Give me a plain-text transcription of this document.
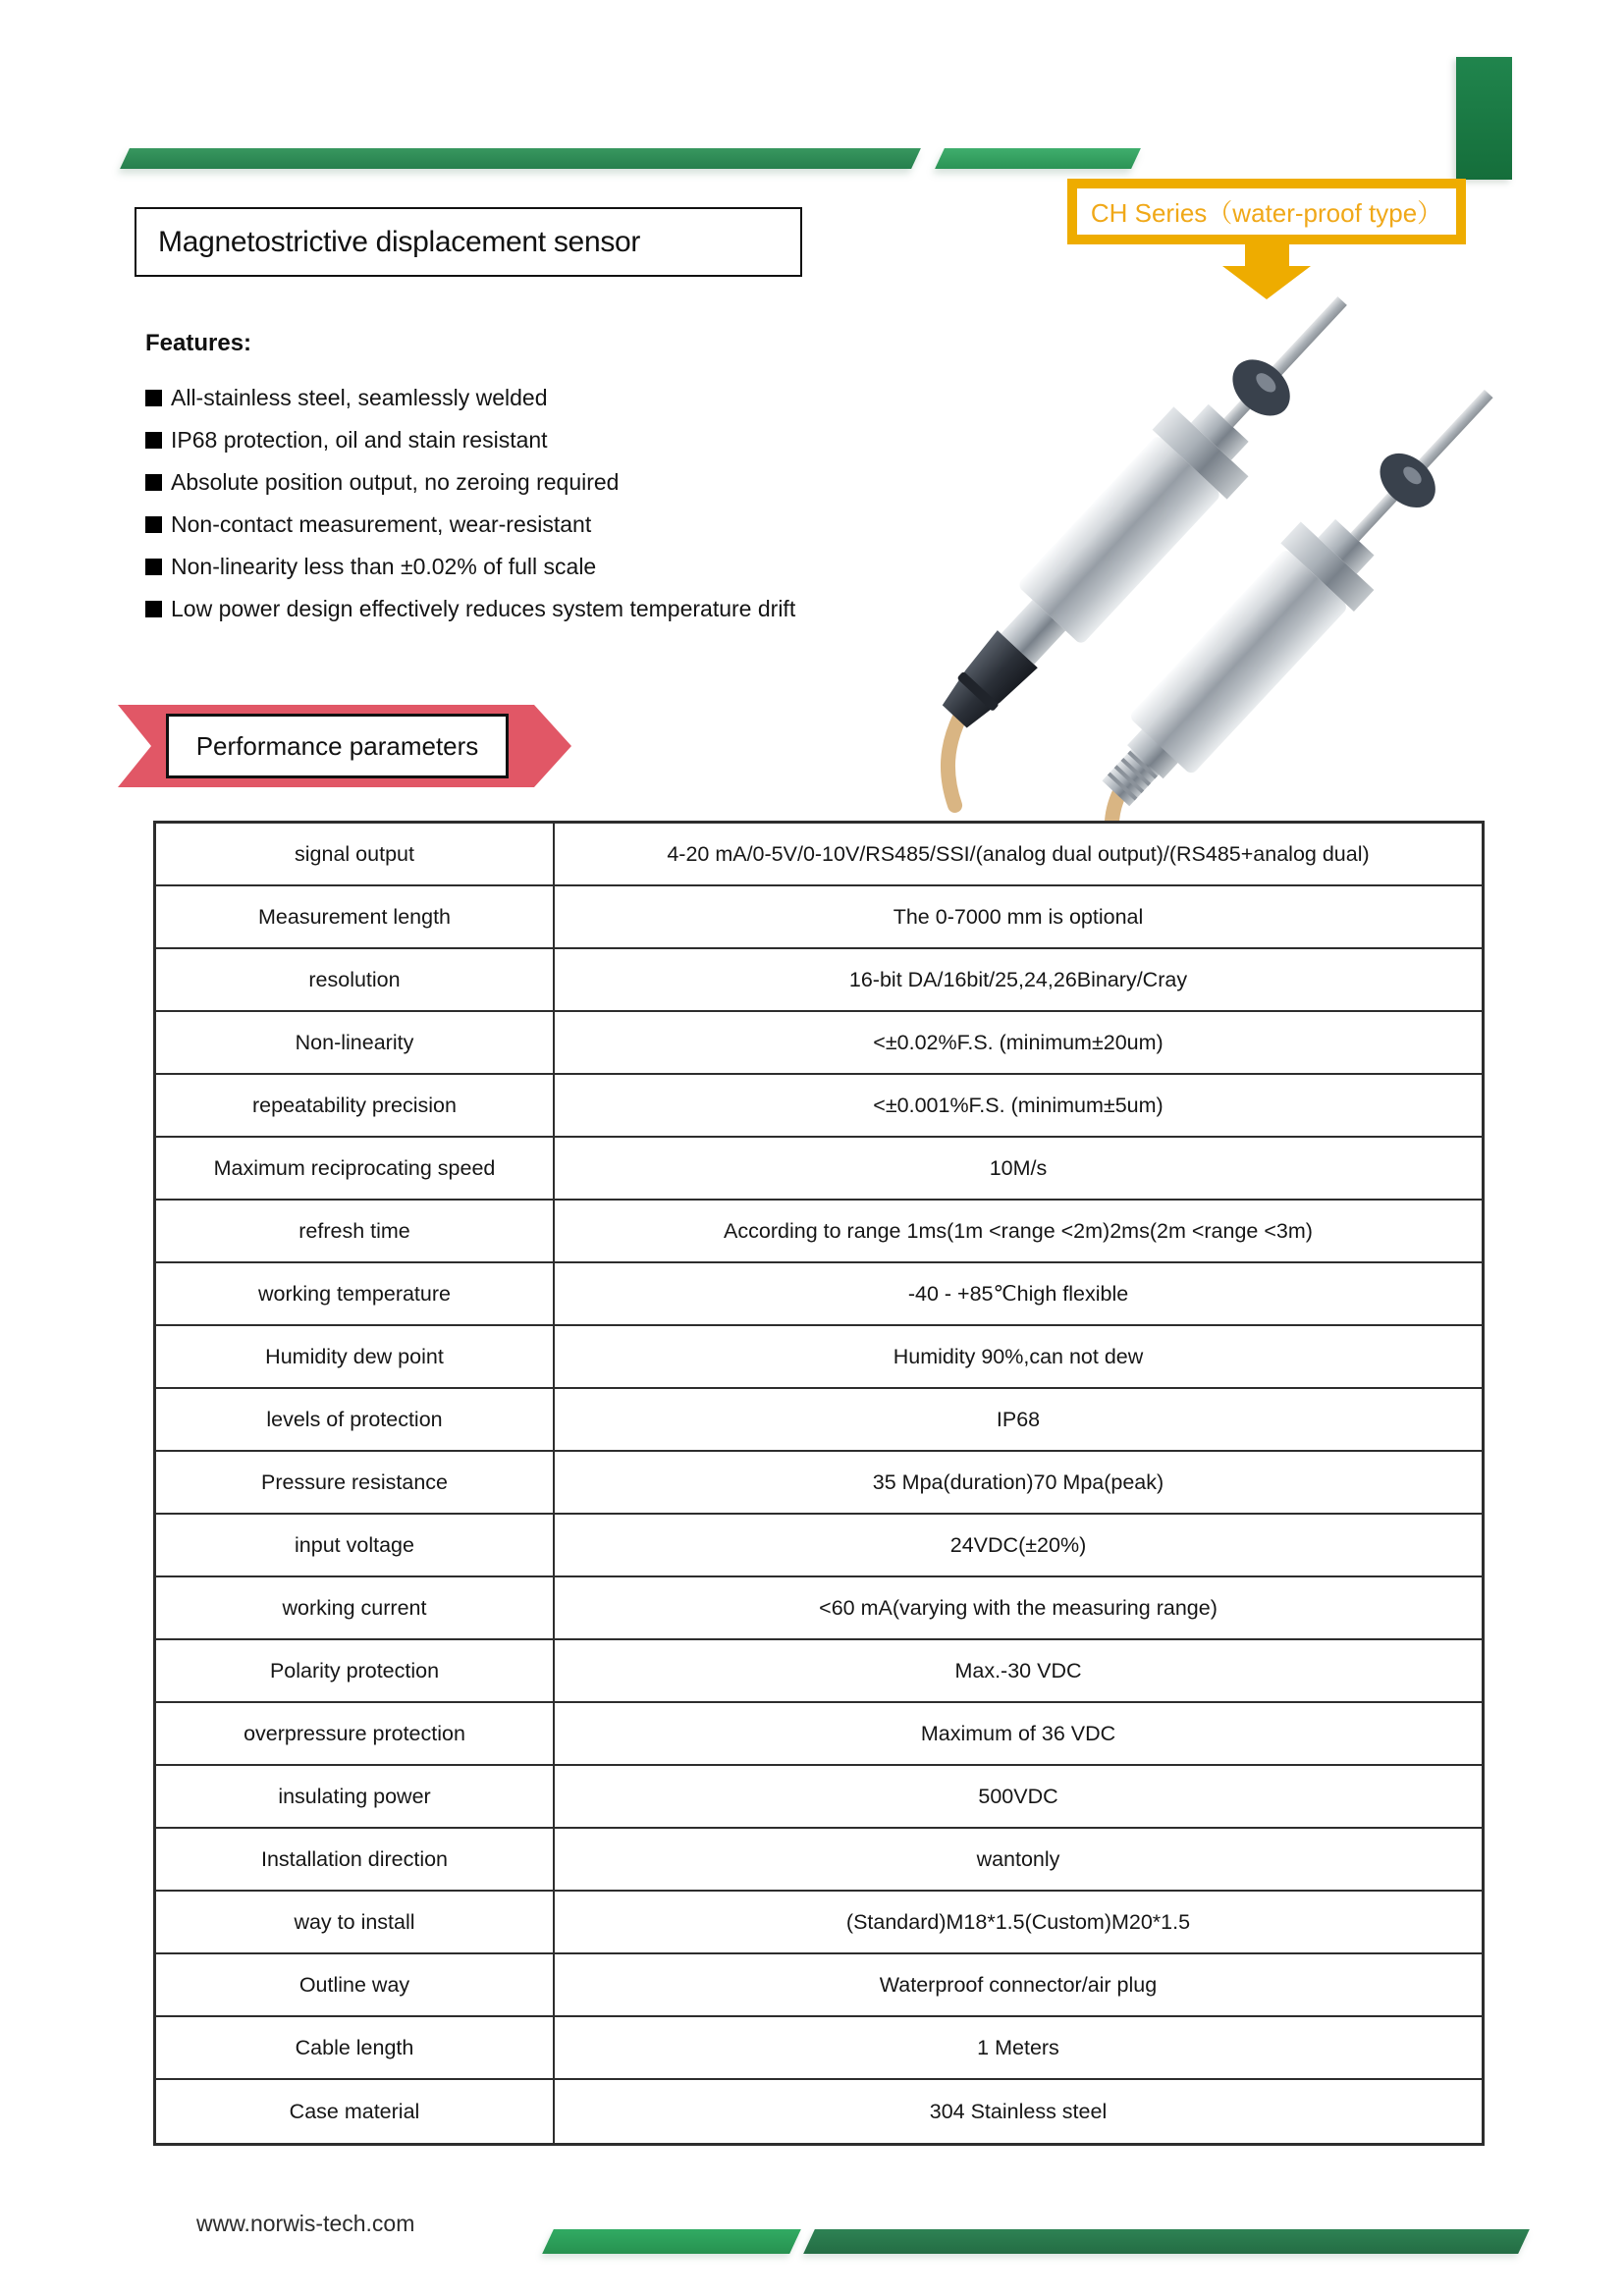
Magnetostrictive displacement sensor
CH Series（water-proof type）
Features:
All-stainless steel, seamlessly welded
IP68 protection, oil and stain resistant
Absolute position output, no zeroing required
Non-contact measurement, wear-resistant
Non-linearity less than ±0.02% of full scale
Low power design effectively reduces system temperature drift
Performance parameters
signal output	4-20 mA/0-5V/0-10V/RS485/SSI/(analog dual output)/(RS485+analog dual)
Measurement length	The 0-7000 mm is optional
resolution	16-bit DA/16bit/25,24,26Binary/Cray
Non-linearity	<±0.02%F.S. (minimum±20um)
repeatability precision	<±0.001%F.S. (minimum±5um)
Maximum reciprocating speed	10M/s
refresh time	According to range 1ms(1m <range <2m)2ms(2m <range <3m)
working temperature	-40 - +85℃high flexible
Humidity dew point	Humidity 90%,can not dew
levels of protection	IP68
Pressure resistance	35 Mpa(duration)70 Mpa(peak)
input voltage	24VDC(±20%)
working current	<60 mA(varying with the measuring range)
Polarity protection	Max.-30 VDC
overpressure protection	Maximum of 36 VDC
insulating power	500VDC
Installation direction	wantonly
way to install	(Standard)M18*1.5(Custom)M20*1.5
Outline way	Waterproof connector/air plug
Cable length	1 Meters
Case material	304 Stainless steel
www.norwis-tech.com
